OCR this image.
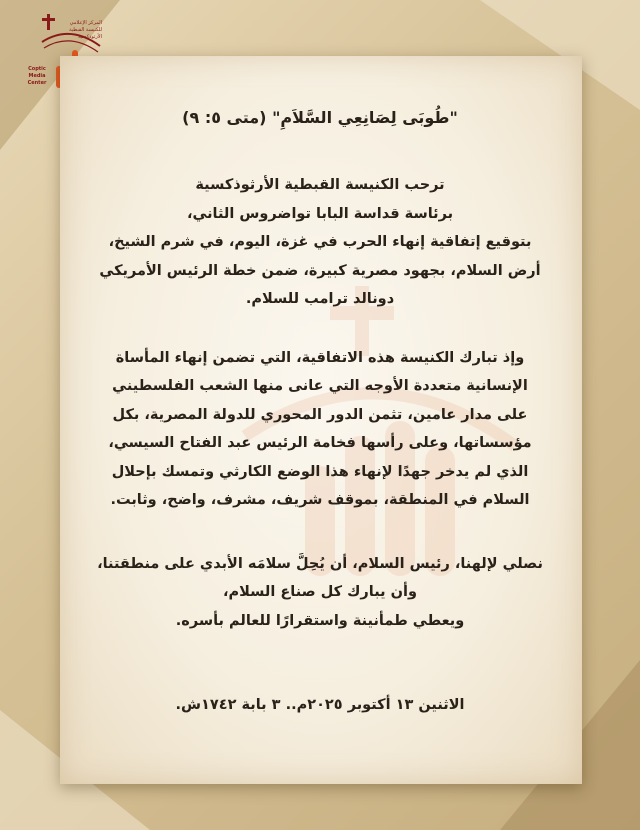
المركز الإعلامي للكنيسة القبطية الأرثوذكسية
Coptic
Media
Center
"طُوبَى لِصَانِعِي السَّلاَمِ" (متى ٥: ٩)

ترحب الكنيسة القبطية الأرثوذكسية

برئاسة قداسة البابا تواضروس الثاني،

بتوقيع إتفاقية إنهاء الحرب في غزة، اليوم، في شرم الشيخ،

أرض السلام، بجهود مصرية كبيرة، ضمن خطة الرئيس الأمريكي

دونالد ترامب للسلام.

وإذ تبارك الكنيسة هذه الاتفاقية، التي تضمن إنهاء المأساة

الإنسانية متعددة الأوجه التي عانى منها الشعب الفلسطيني

على مدار عامين، تثمن الدور المحوري للدولة المصرية، بكل

مؤسساتها، وعلى رأسها فخامة الرئيس عبد الفتاح السيسي،

الذي لم يدخر جهدًا لإنهاء هذا الوضع الكارثي وتمسك بإحلال

السلام في المنطقة، بموقف شريف، مشرف، واضح، وثابت.

نصلي لإلهنا، رئيس السلام، أن يُحِلَّ سلامَه الأبدي على منطقتنا،

وأن يبارك كل صناع السلام،

ويعطي طمأنينة واستقرارًا للعالم بأسره.

الاثنين ١٣ أكتوبر ٢٠٢٥م.. ٣ بابة ١٧٤٢ش.
